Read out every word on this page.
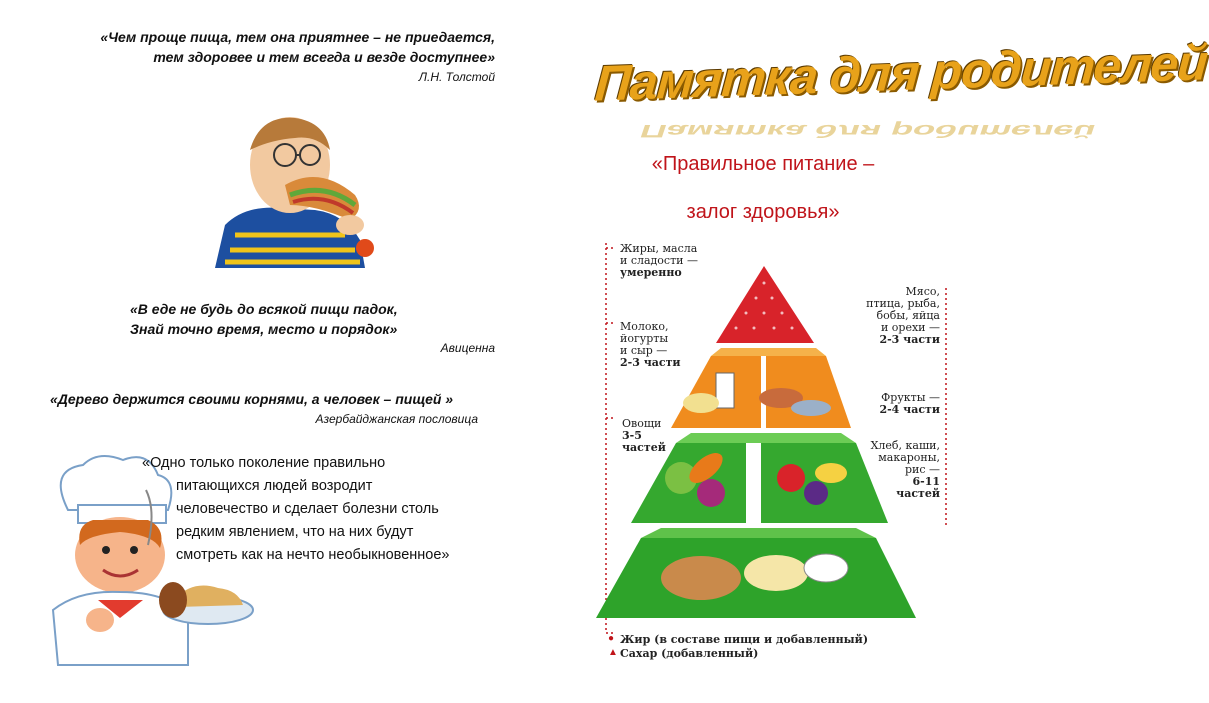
«Чем проще пища, тем она приятнее – не приедается,
тем здоровее и тем всегда и везде доступнее»
Л.Н. Толстой
«В еде не будь до всякой пищи падок,
Знай точно время, место и порядок»
Авиценна
«Дерево держится своими корнями, а человек – пищей »
Азербайджанская пословица
«Одно только поколение правильно
питающихся людей возродит
человечество и сделает болезни столь
редким явлением, что на них будут
смотреть как на нечто необыкновенное»
Памятка для родителей
Памятка для родителей
«Правильное питание –
залог здоровья»
●
▲
Жиры, масла
и сладости —
умеренно
Молоко,
йогурты
и сыр —
2-3 части
Мясо,
птица, рыба,
бобы, яйца
и орехи —
2-3 части
Фрукты —
2-4 части
Овощи
3-5
частей	Хлеб, каши,
макароны,
рис —
6-11
частей
Жир (в составе пищи и добавленный)
Сахар (добавленный)
